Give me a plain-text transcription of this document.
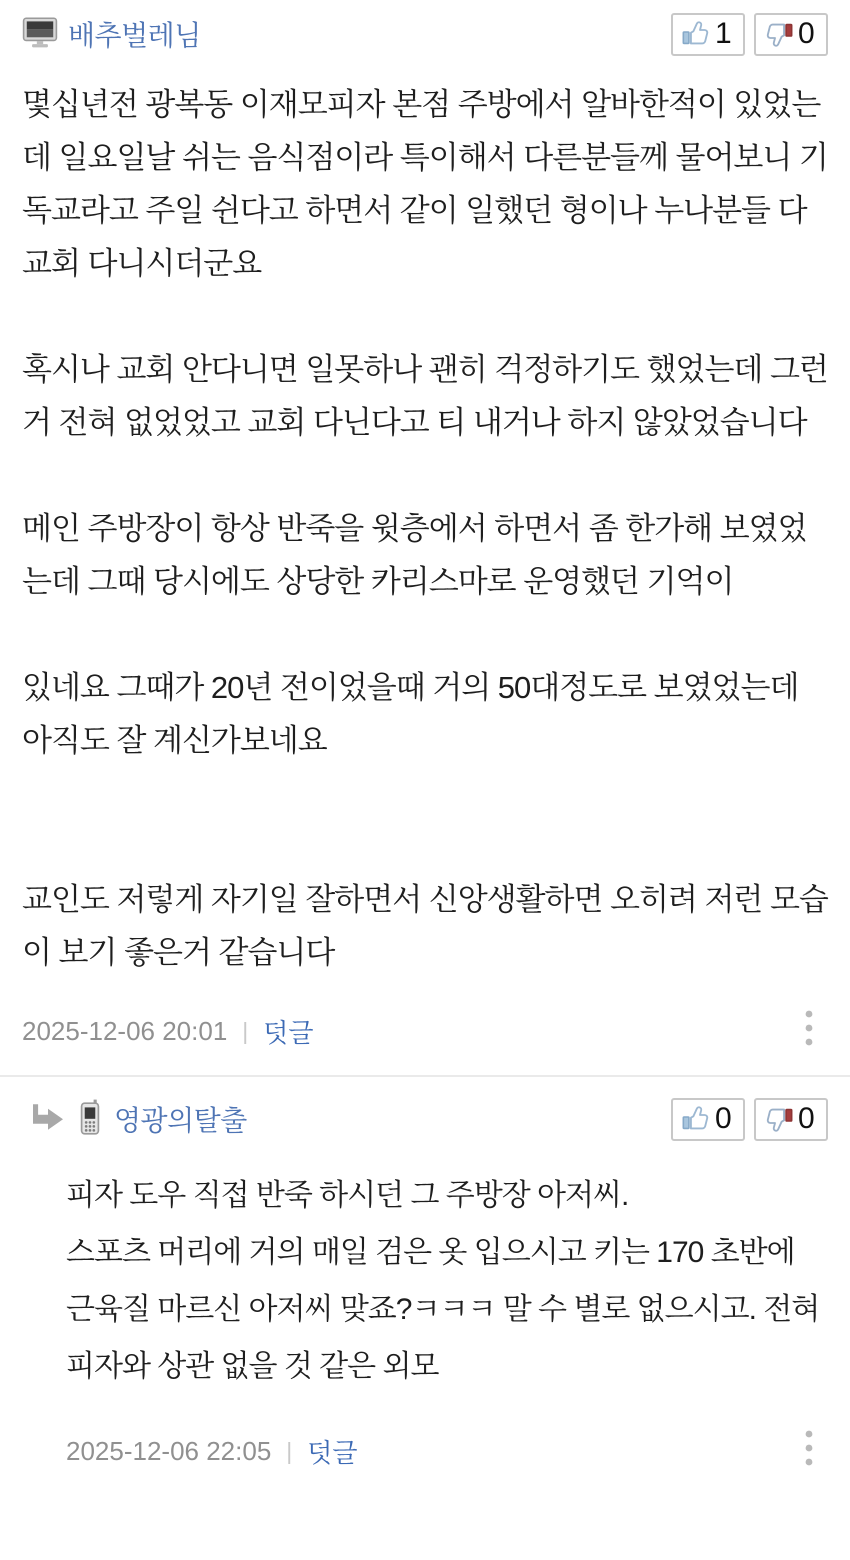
배추벌레님	1 0

몇십년전 광복동 이재모피자 본점 주방에서 알바한적이 있었는데 일요일날 쉬는 음식점이라 특이해서 다른분들께 물어보니 기독교라고 주일 쉰다고 하면서 같이 일했던 형이나 누나분들 다 교회 다니시더군요

혹시나 교회 안다니면 일못하나 괜히 걱정하기도 했었는데 그런거 전혀 없었었고 교회 다닌다고 티 내거나 하지 않았었습니다

메인 주방장이 항상 반죽을 윗층에서 하면서 좀 한가해 보였었는데 그때 당시에도 상당한 카리스마로 운영했던 기억이

있네요 그때가 20년 전이었을때 거의 50대정도로 보였었는데 아직도 잘 계신가보네요

교인도 저렇게 자기일 잘하면서 신앙생활하면 오히려 저런 모습이 보기 좋은거 같습니다

2025-12-06 20:01 | 덧글
영광의탈출	0 0

피자 도우 직접 반죽 하시던 그 주방장 아저씨.

스포츠 머리에 거의 매일 검은 옷 입으시고 키는 170 초반에 근육질 마르신 아저씨 맞죠?ㅋㅋㅋ 말 수 별로 없으시고. 전혀 피자와 상관 없을 것 같은 외모

2025-12-06 22:05 | 덧글
